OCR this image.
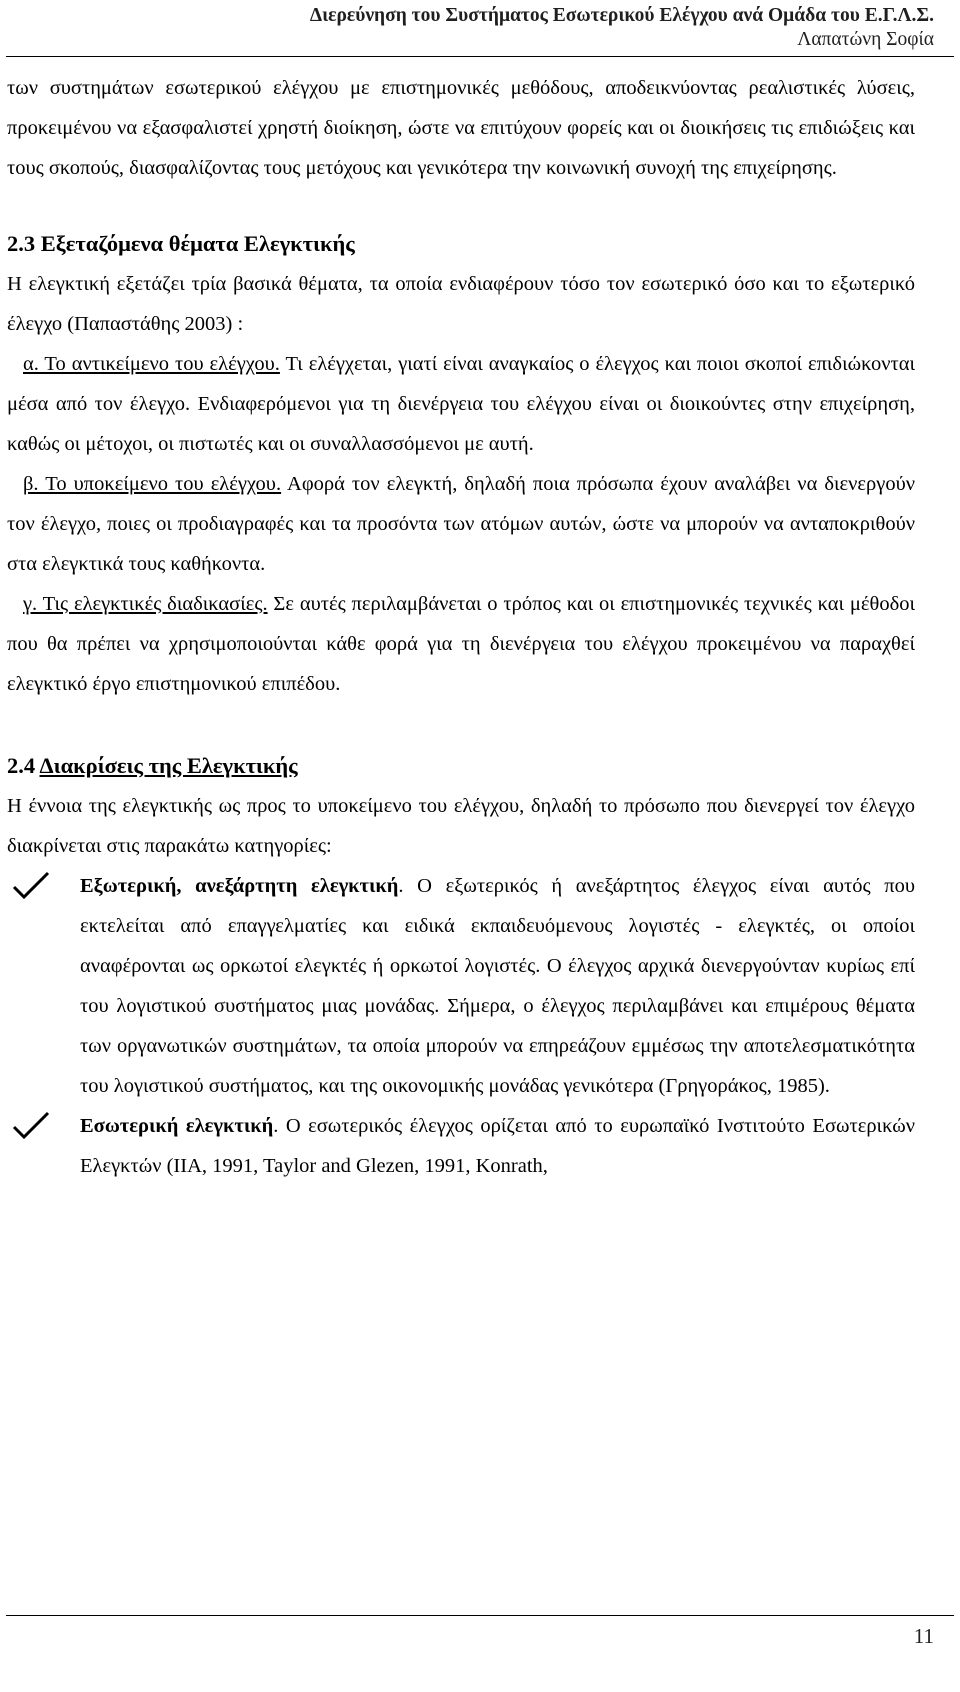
Διερεύνηση του Συστήματος Εσωτερικού Ελέγχου ανά Ομάδα του Ε.Γ.Λ.Σ.
Λαπατώνη Σοφία

των συστημάτων εσωτερικού ελέγχου με επιστημονικές μεθόδους, αποδεικνύοντας ρεαλιστικές λύσεις, προκειμένου να εξασφαλιστεί χρηστή διοίκηση, ώστε να επιτύχουν φορείς και οι διοικήσεις τις επιδιώξεις και τους σκοπούς, διασφαλίζοντας τους μετόχους και γενικότερα την κοινωνική συνοχή της επιχείρησης.

2.3 Εξεταζόμενα θέματα Ελεγκτικής

Η ελεγκτική εξετάζει τρία βασικά θέματα, τα οποία ενδιαφέρουν τόσο τον εσωτερικό όσο και το εξωτερικό έλεγχο (Παπαστάθης 2003) :

α. Το αντικείμενο του ελέγχου. Τι ελέγχεται, γιατί είναι αναγκαίος ο έλεγχος και ποιοι σκοποί επιδιώκονται μέσα από τον έλεγχο. Ενδιαφερόμενοι για τη διενέργεια του ελέγχου είναι οι διοικούντες στην επιχείρηση, καθώς οι μέτοχοι, οι πιστωτές και οι συναλλασσόμενοι με αυτή.

β. Το υποκείμενο του ελέγχου. Αφορά τον ελεγκτή, δηλαδή ποια πρόσωπα έχουν αναλάβει να διενεργούν τον έλεγχο, ποιες οι προδιαγραφές και τα προσόντα των ατόμων αυτών, ώστε να μπορούν να ανταποκριθούν στα ελεγκτικά τους καθήκοντα.

γ. Τις ελεγκτικές διαδικασίες. Σε αυτές περιλαμβάνεται ο τρόπος και οι επιστημονικές τεχνικές και μέθοδοι που θα πρέπει να χρησιμοποιούνται κάθε φορά για τη διενέργεια του ελέγχου προκειμένου να παραχθεί ελεγκτικό έργο επιστημονικού επιπέδου.

2.4 Διακρίσεις της Ελεγκτικής

Η έννοια της ελεγκτικής ως προς το υποκείμενο του ελέγχου, δηλαδή το πρόσωπο που διενεργεί τον έλεγχο διακρίνεται στις παρακάτω κατηγορίες:

Εξωτερική, ανεξάρτητη ελεγκτική. Ο εξωτερικός ή ανεξάρτητος έλεγχος είναι αυτός που εκτελείται από επαγγελματίες και ειδικά εκπαιδευόμενους λογιστές - ελεγκτές, οι οποίοι αναφέρονται ως ορκωτοί ελεγκτές ή ορκωτοί λογιστές. Ο έλεγχος αρχικά διενεργούνταν κυρίως επί του λογιστικού συστήματος μιας μονάδας. Σήμερα, ο έλεγχος περιλαμβάνει και επιμέρους θέματα των οργανωτικών συστημάτων, τα οποία μπορούν να επηρεάζουν εμμέσως την αποτελεσματικότητα του λογιστικού συστήματος, και της οικονομικής μονάδας γενικότερα (Γρηγοράκος, 1985).
Εσωτερική ελεγκτική. Ο εσωτερικός έλεγχος ορίζεται από το ευρωπαϊκό Ινστιτούτο Εσωτερικών Ελεγκτών (IIA, 1991, Taylor and Glezen, 1991, Konrath,
11
